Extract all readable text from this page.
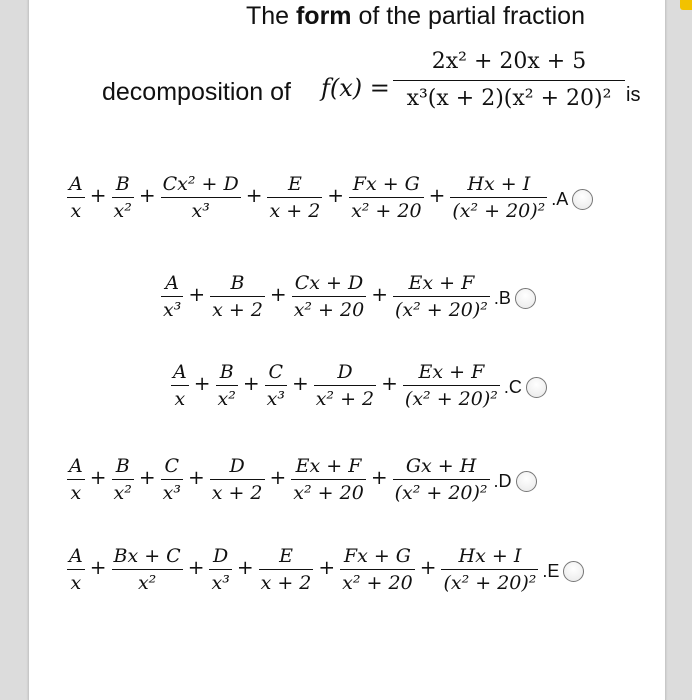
The form of the partial fraction
decomposition of f(x) =
2x² + 20x + 5
x³(x + 2)(x² + 20)² is
$\frac{A}{x} + \frac{B}{\text{x²}} + \frac{\text{Cx² + D}}{\text{x³}} + \frac{E}{x + 2} + \frac{Fx + G}{\text{x² + 20}} + \frac{Hx + I}{\text{(x² + 20)²}} .A$
$\frac{A}{\text{x³}} + \frac{B}{x + 2} + \frac{Cx + D}{\text{x² + 20}} + \frac{Ex + F}{\text{(x² + 20)²}} .B$
$\frac{A}{x} + \frac{B}{\text{x²}} + \frac{C}{\text{x³}} + \frac{D}{\text{x² + 2}} + \frac{Ex + F}{\text{(x² + 20)²}} .C$
$\frac{A}{x} + \frac{B}{\text{x²}} + \frac{C}{\text{x³}} + \frac{D}{x + 2} + \frac{Ex + F}{\text{x² + 20}} + \frac{Gx + H}{\text{(x² + 20)²}} .D$
$\frac{A}{x} + \frac{Bx + C}{\text{x²}} + \frac{D}{\text{x³}} + \frac{E}{x + 2} + \frac{Fx + G}{\text{x² + 20}} + \frac{Hx + I}{\text{(x² + 20)²}} .E$
